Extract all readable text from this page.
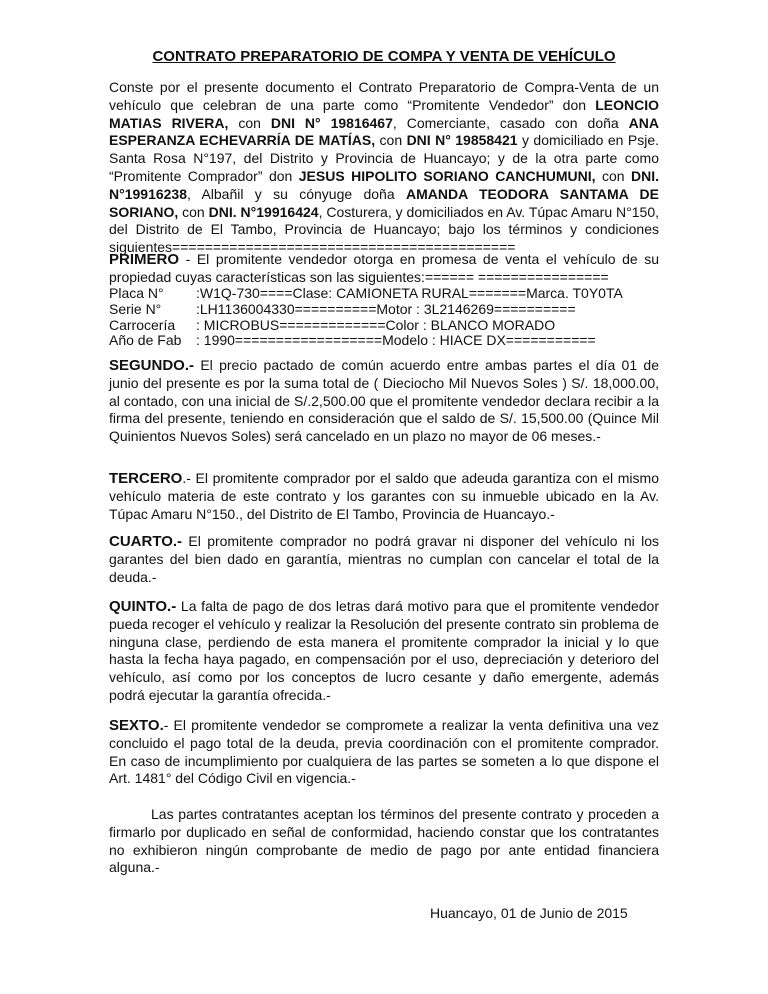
CONTRATO PREPARATORIO DE COMPA Y VENTA DE VEHÍCULO
Conste por el presente documento el Contrato Preparatorio de Compra-Venta de un vehículo que celebran de una parte como “Promitente Vendedor” don LEONCIO MATIAS RIVERA, con DNI N° 19816467, Comerciante, casado con doña ANA ESPERANZA ECHEVARRÍA DE MATÍAS, con DNI N° 19858421 y domiciliado en Psje. Santa Rosa N°197, del Distrito y Provincia de Huancayo; y de la otra parte como “Promitente Comprador” don JESUS HIPOLITO SORIANO CANCHUMUNI, con DNI. N°19916238, Albañil y su cónyuge doña AMANDA TEODORA SANTAMA DE SORIANO, con DNI. N°19916424, Costurera, y domiciliados en Av. Túpac Amaru N°150, del Distrito de El Tambo, Provincia de Huancayo; bajo los términos y condiciones siguientes==========================================
PRIMERO - El promitente vendedor otorga en promesa de venta el vehículo de su propiedad cuyas características son las siguientes:====== ================
Placa N° :W1Q-730====Clase: CAMIONETA RURAL=======Marca. T0Y0TA
Serie N° :LH1136004330==========Motor : 3L2146269==========
Carrocería : MICROBUS=============Color : BLANCO MORADO
Año de Fab : 1990==================Modelo : HIACE DX===========
SEGUNDO.- El precio pactado de común acuerdo entre ambas partes el día 01 de junio del presente es por la suma total de ( Dieciocho Mil Nuevos Soles ) S/. 18,000.00, al contado, con una inicial de S/.2,500.00 que el promitente vendedor declara recibir a la firma del presente, teniendo en consideración que el saldo de S/. 15,500.00 (Quince Mil Quinientos Nuevos Soles) será cancelado en un plazo no mayor de 06 meses.-
TERCERO.- El promitente comprador por el saldo que adeuda garantiza con el mismo vehículo materia de este contrato y los garantes con su inmueble ubicado en la Av. Túpac Amaru N°150., del Distrito de El Tambo, Provincia de Huancayo.-
CUARTO.- El promitente comprador no podrá gravar ni disponer del vehículo ni los garantes del bien dado en garantía, mientras no cumplan con cancelar el total de la deuda.-
QUINTO.- La falta de pago de dos letras dará motivo para que el promitente vendedor pueda recoger el vehículo y realizar la Resolución del presente contrato sin problema de ninguna clase, perdiendo de esta manera el promitente comprador la inicial y lo que hasta la fecha haya pagado, en compensación por el uso, depreciación y deterioro del vehículo, así como por los conceptos de lucro cesante y daño emergente, además podrá ejecutar la garantía ofrecida.-
SEXTO.- El promitente vendedor se compromete a realizar la venta definitiva una vez concluido el pago total de la deuda, previa coordinación con el promitente comprador. En caso de incumplimiento por cualquiera de las partes se someten a lo que dispone el Art. 1481° del Código Civil en vigencia.-
Las partes contratantes aceptan los términos del presente contrato y proceden a firmarlo por duplicado en señal de conformidad, haciendo constar que los contratantes no exhibieron ningún comprobante de medio de pago por ante entidad financiera alguna.-
Huancayo, 01 de Junio de 2015
